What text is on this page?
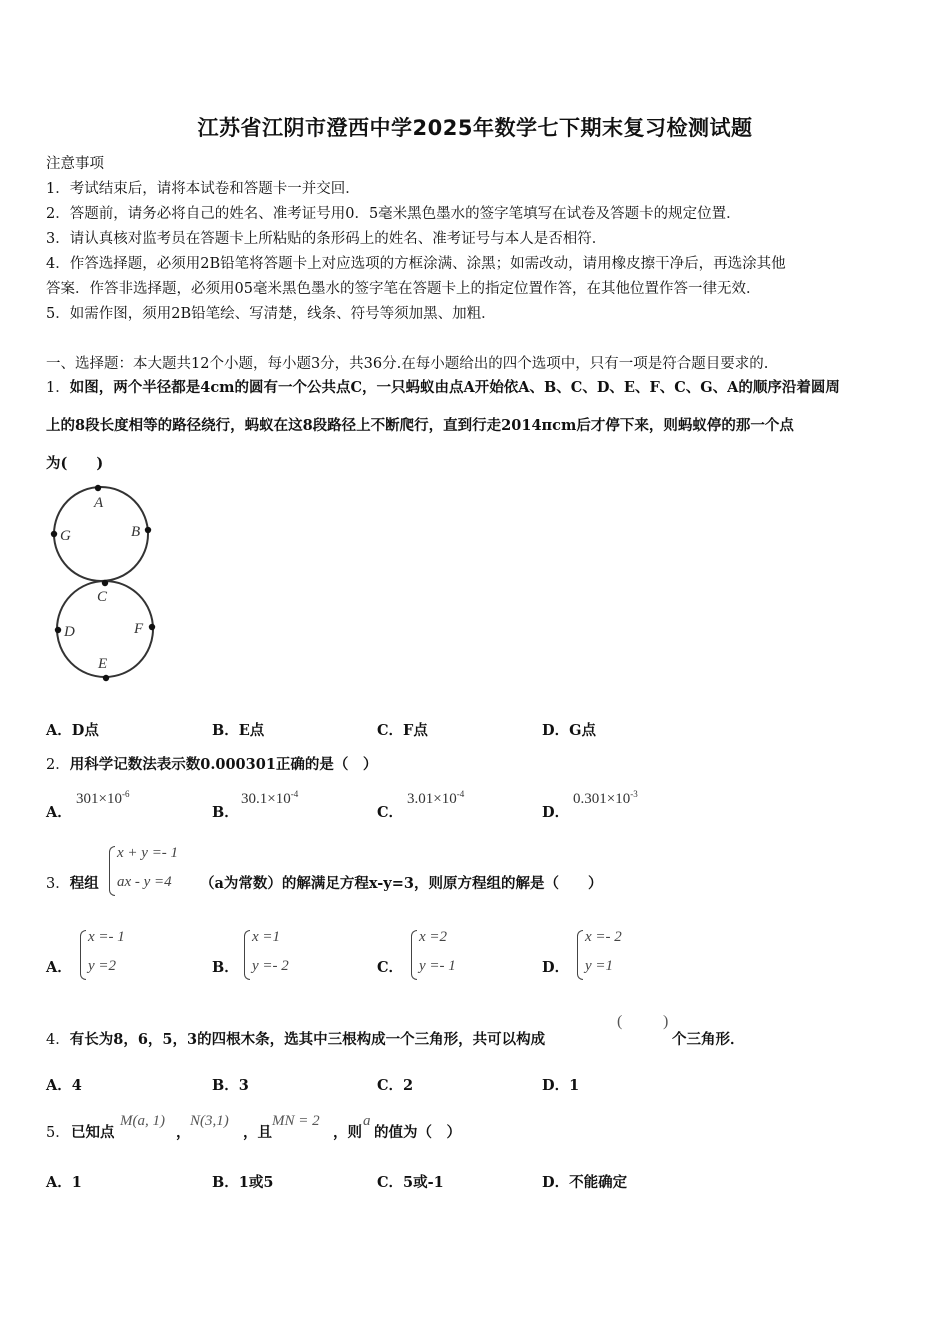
江苏省江阴市澄西中学2025年数学七下期末复习检测试题
注意事项
1．考试结束后，请将本试卷和答题卡一并交回．
2．答题前，请务必将自己的姓名、准考证号用0．5毫米黑色墨水的签字笔填写在试卷及答题卡的规定位置．
3．请认真核对监考员在答题卡上所粘贴的条形码上的姓名、准考证号与本人是否相符．
4．作答选择题，必须用2B铅笔将答题卡上对应选项的方框涂满、涂黑；如需改动，请用橡皮擦干净后，再选涂其他
答案．作答非选择题，必须用05毫米黑色墨水的签字笔在答题卡上的指定位置作答，在其他位置作答一律无效．
5．如需作图，须用2B铅笔绘、写清楚，线条、符号等须加黑、加粗．
一、选择题：本大题共12个小题，每小题3分，共36分.在每小题给出的四个选项中，只有一项是符合题目要求的.
1．如图，两个半径都是4cm的圆有一个公共点C，一只蚂蚁由点A开始依A、B、C、D、E、F、C、G、A的顺序沿着圆周
上的8段长度相等的路径绕行，蚂蚁在这8段路径上不断爬行，直到行走2014πcm后才停下来，则蚂蚁停的那一个点
为(　　)
A
B
G
C
D	F
E
A．D点	B．E点	C．F点	D．G点
2．用科学记数法表示数0.000301正确的是（　）
A．
$301\times 10^{-6}$
B．
$30.1\times 10^{-4}$
C．
$3.01\times 10^{-4}$
D．
$0.301\times 10^{-3}$
3．程组
x + y =- 1
ax - y =4 （a为常数）的解满足方程x-y=3，则原方程组的解是（　　）
A．
x =- 1
y =2	B．
x =1
y =- 2	C．
x =2
y =- 1	D．
x =- 2
y =1
4．有长为8，6，5，3的四根木条，选其中三根构成一个三角形，共可以构成
(	)
个三角形．
A．4	B．3	C．2	D．1
5． 已知点
M(a, 1)
，
N(3,1)
，且
MN = 2
，则
a
的值为（　）
A．1	B．1或5	C．5或-1	D．不能确定
